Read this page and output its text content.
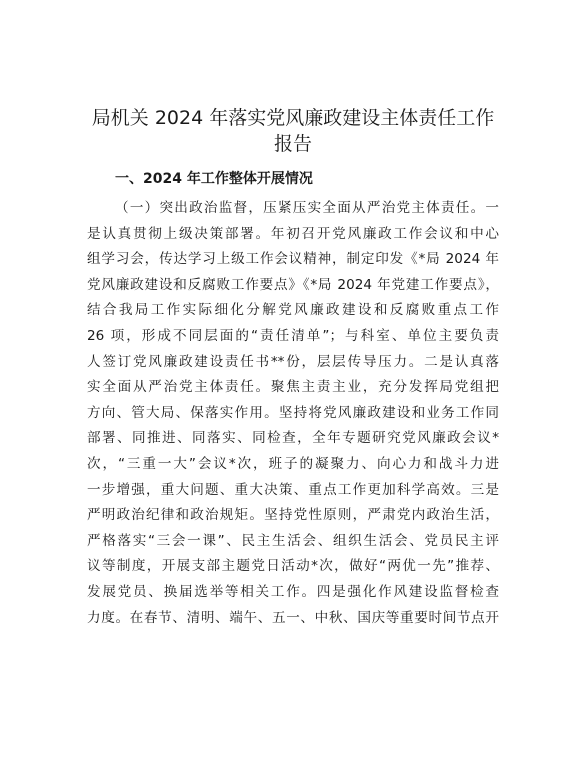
局机关 2024 年落实党风廉政建设主体责任工作
报告
一、2024 年工作整体开展情况
（一）突出政治监督，压紧压实全面从严治党主体责任。一
是认真贯彻上级决策部署。年初召开党风廉政工作会议和中心
组学习会，传达学习上级工作会议精神，制定印发《*局 2024 年
党风廉政建设和反腐败工作要点》《*局 2024 年党建工作要点》，
结合我局工作实际细化分解党风廉政建设和反腐败重点工作
26 项，形成不同层面的“责任清单”；与科室、单位主要负责
人签订党风廉政建设责任书**份，层层传导压力。二是认真落
实全面从严治党主体责任。聚焦主责主业，充分发挥局党组把
方向、管大局、保落实作用。坚持将党风廉政建设和业务工作同
部署、同推进、同落实、同检查，全年专题研究党风廉政会议*
次，“三重一大”会议*次，班子的凝聚力、向心力和战斗力进
一步增强，重大问题、重大决策、重点工作更加科学高效。三是
严明政治纪律和政治规矩。坚持党性原则，严肃党内政治生活，
严格落实“三会一课”、民主生活会、组织生活会、党员民主评
议等制度，开展支部主题党日活动*次，做好“两优一先”推荐、
发展党员、换届选举等相关工作。四是强化作风建设监督检查
力度。在春节、清明、端午、五一、中秋、国庆等重要时间节点开
